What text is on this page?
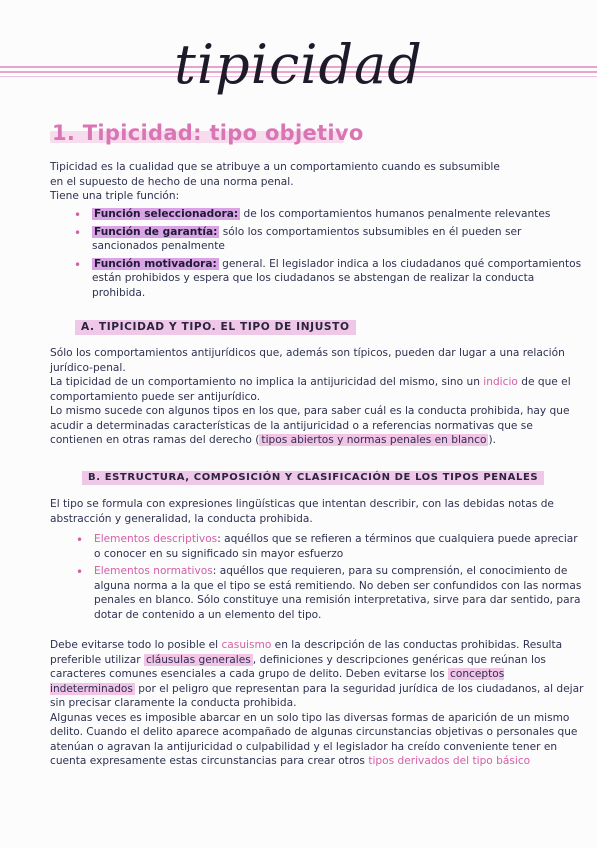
tipicidad
1. Tipicidad: tipo objetivo

Tipicidad es la cualidad que se atribuye a un comportamiento cuando es subsumible

en el supuesto de hecho de una norma penal.

Tiene una triple función:

• Función seleccionadora: de los comportamientos humanos penalmente relevantes
• Función de garantía: sólo los comportamientos subsumibles en él pueden ser sancionados penalmente
• Función motivadora: general. El legislador indica a los ciudadanos qué comportamientos están prohibidos y espera que los ciudadanos se abstengan de realizar la conducta prohibida.
A. TIPICIDAD Y TIPO. EL TIPO DE INJUSTO

Sólo los comportamientos antijurídicos que, además son típicos, pueden dar lugar a una relación jurídico-penal.

La tipicidad de un comportamiento no implica la antijuricidad del mismo, sino un indicio de que el comportamiento puede ser antijurídico.

Lo mismo sucede con algunos tipos en los que, para saber cuál es la conducta prohibida, hay que acudir a determinadas características de la antijuricidad o a referencias normativas que se contienen en otras ramas del derecho ( tipos abiertos y normas penales en blanco ).

B. ESTRUCTURA, COMPOSICIÓN Y CLASIFICACIÓN DE LOS TIPOS PENALES

El tipo se formula con expresiones lingüísticas que intentan describir, con las debidas notas de abstracción y generalidad, la conducta prohibida.

• Elementos descriptivos: aquéllos que se refieren a términos que cualquiera puede apreciar o conocer en su significado sin mayor esfuerzo
• Elementos normativos: aquéllos que requieren, para su comprensión, el conocimiento de alguna norma a la que el tipo se está remitiendo. No deben ser confundidos con las normas penales en blanco. Sólo constituye una remisión interpretativa, sirve para dar sentido, para dotar de contenido a un elemento del tipo.

Debe evitarse todo lo posible el casuismo en la descripción de las conductas prohibidas. Resulta preferible utilizar cláusulas generales , definiciones y descripciones genéricas que reúnan los caracteres comunes esenciales a cada grupo de delito. Deben evitarse los conceptos indeterminados por el peligro que representan para la seguridad jurídica de los ciudadanos, al dejar sin precisar claramente la conducta prohibida.

Algunas veces es imposible abarcar en un solo tipo las diversas formas de aparición de un mismo delito. Cuando el delito aparece acompañado de algunas circunstancias objetivas o personales que atenúan o agravan la antijuricidad o culpabilidad y el legislador ha creído conveniente tener en cuenta expresamente estas circunstancias para crear otros tipos derivados del tipo básico
